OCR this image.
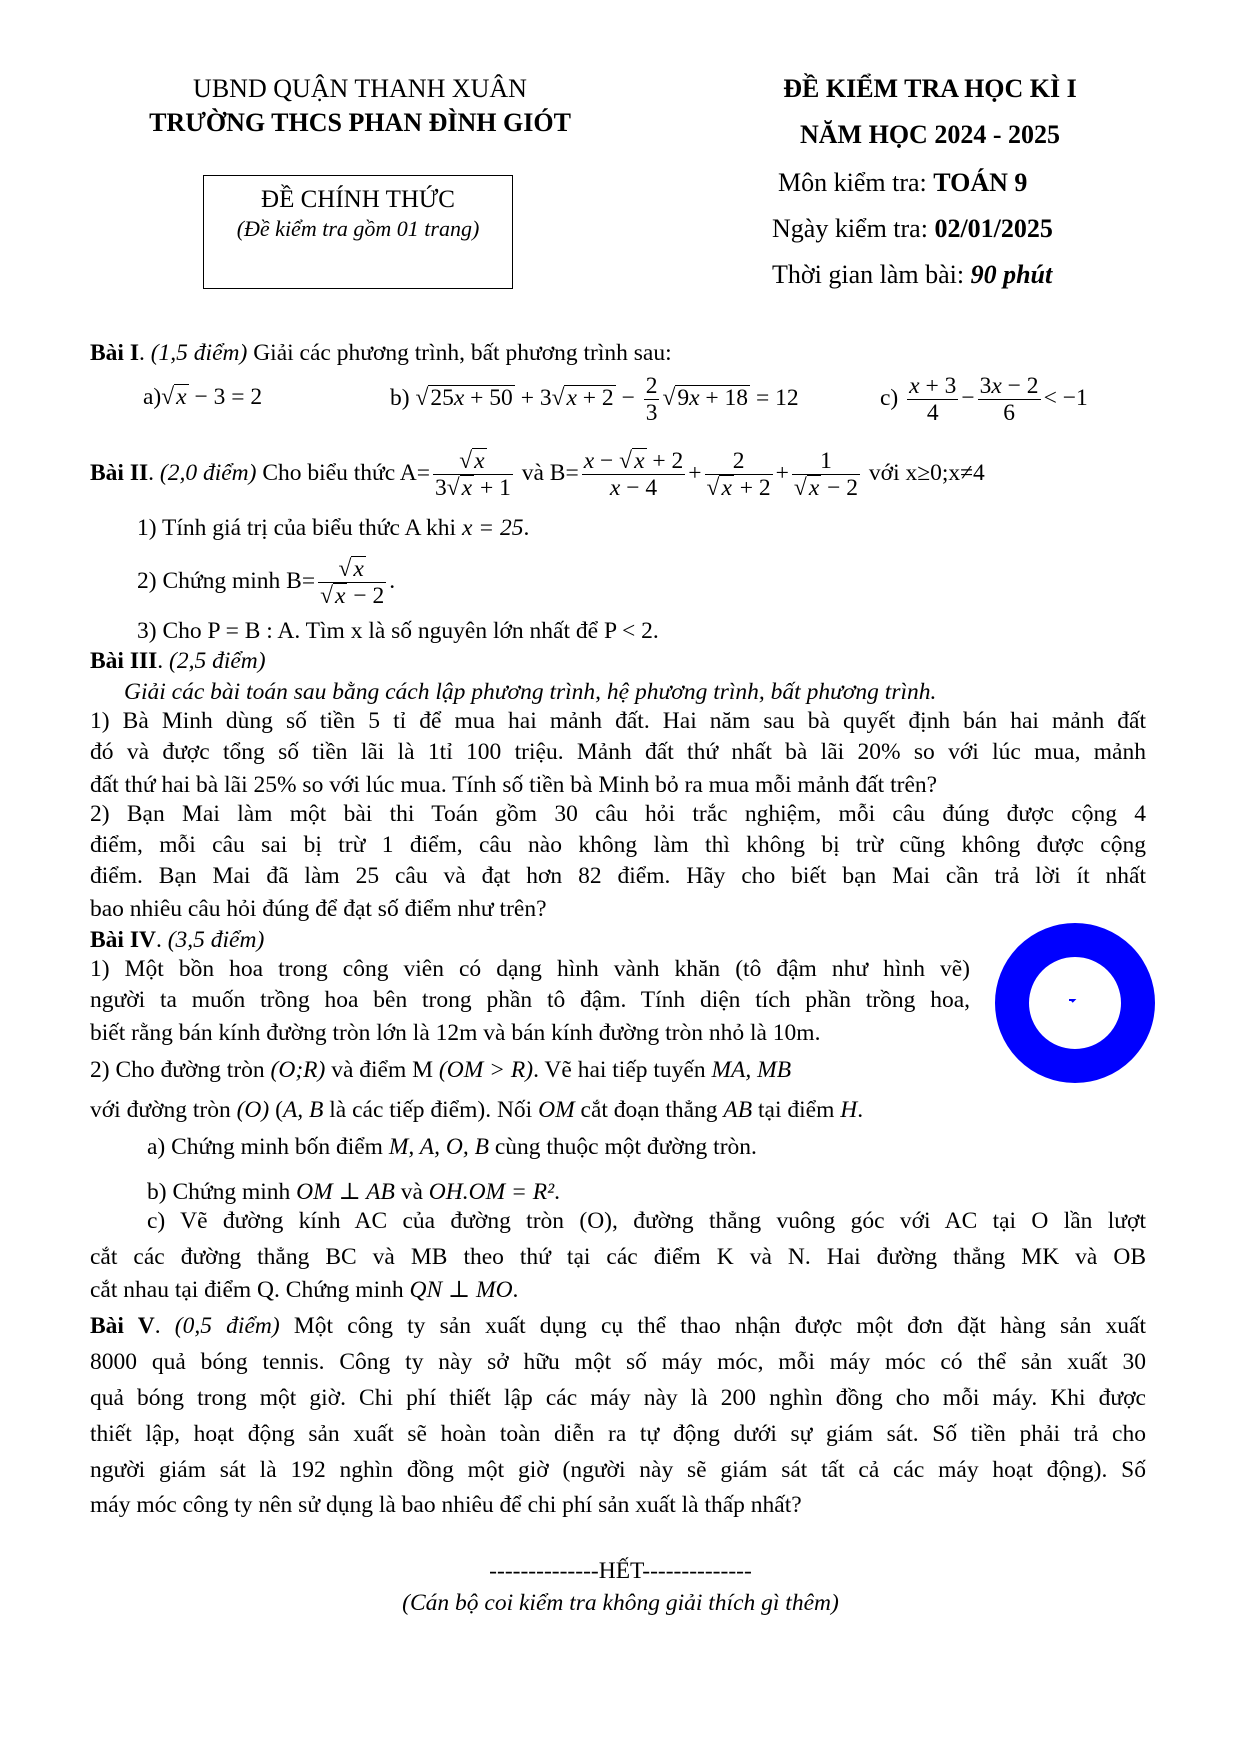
UBND QUẬN THANH XUÂN
TRƯỜNG THCS PHAN ĐÌNH GIÓT
ĐỀ CHÍNH THỨC
(Đề kiểm tra gồm 01 trang)
ĐỀ KIỂM TRA HỌC KÌ I
NĂM HỌC 2024 - 2025
Môn kiểm tra: TOÁN 9
Ngày kiểm tra: 02/01/2025
Thời gian làm bài: 90 phút
Bài I. (1,5 điểm) Giải các phương trình, bất phương trình sau:
a) √ x − 3 = 2	b) √ 25x + 50 + 3 √ $x + 2 - \frac{2}{3}$ √ 9x + 18 = 12	$c) \frac{x + 3}{4} - \frac{3x - 2}{6} < -1$
Bài II. (2,0 điểm) Cho biểu thức A= √ $\frac{x}{3 √ x + 1}$ và $B= \frac{x - √ x + 2}{x - 4} + 2$
√ x + 2 + 1
√ x − 2 với x≥0;x≠4
1) Tính giá trị của biểu thức A khi x = 25.
2) Chứng minh B= √ x
√ x − 2 .
3) Cho P = B : A. Tìm x là số nguyên lớn nhất để P < 2.
Bài III. (2,5 điểm)
Giải các bài toán sau bằng cách lập phương trình, hệ phương trình, bất phương trình.
1) Bà Minh dùng số tiền 5 tỉ để mua hai mảnh đất. Hai năm sau bà quyết định bán hai mảnh đất
đó và được tổng số tiền lãi là 1tỉ 100 triệu. Mảnh đất thứ nhất bà lãi 20% so với lúc mua, mảnh
đất thứ hai bà lãi 25% so với lúc mua. Tính số tiền bà Minh bỏ ra mua mỗi mảnh đất trên?
2) Bạn Mai làm một bài thi Toán gồm 30 câu hỏi trắc nghiệm, mỗi câu đúng được cộng 4
điểm, mỗi câu sai bị trừ 1 điểm, câu nào không làm thì không bị trừ cũng không được cộng
điểm. Bạn Mai đã làm 25 câu và đạt hơn 82 điểm. Hãy cho biết bạn Mai cần trả lời ít nhất
bao nhiêu câu hỏi đúng để đạt số điểm như trên?
Bài IV. (3,5 điểm)
1) Một bồn hoa trong công viên có dạng hình vành khăn (tô đậm như hình vẽ)
người ta muốn trồng hoa bên trong phần tô đậm. Tính diện tích phần trồng hoa,
biết rằng bán kính đường tròn lớn là 12m và bán kính đường tròn nhỏ là 10m.
2) Cho đường tròn (O;R) và điểm M (OM > R). Vẽ hai tiếp tuyến MA, MB
với đường tròn (O) (A, B là các tiếp điểm). Nối OM cắt đoạn thẳng AB tại điểm H.
a) Chứng minh bốn điểm M, A, O, B cùng thuộc một đường tròn.
b) Chứng minh OM ⊥ AB và OH.OM = R².
c) Vẽ đường kính AC của đường tròn (O), đường thẳng vuông góc với AC tại O lần lượt
cắt các đường thẳng BC và MB theo thứ tại các điểm K và N. Hai đường thẳng MK và OB
cắt nhau tại điểm Q. Chứng minh QN ⊥ MO.
Bài V. (0,5 điểm) Một công ty sản xuất dụng cụ thể thao nhận được một đơn đặt hàng sản xuất
8000 quả bóng tennis. Công ty này sở hữu một số máy móc, mỗi máy móc có thể sản xuất 30
quả bóng trong một giờ. Chi phí thiết lập các máy này là 200 nghìn đồng cho mỗi máy. Khi được
thiết lập, hoạt động sản xuất sẽ hoàn toàn diễn ra tự động dưới sự giám sát. Số tiền phải trả cho
người giám sát là 192 nghìn đồng một giờ (người này sẽ giám sát tất cả các máy hoạt động). Số
máy móc công ty nên sử dụng là bao nhiêu để chi phí sản xuất là thấp nhất?
--------------HẾT--------------
(Cán bộ coi kiểm tra không giải thích gì thêm)
